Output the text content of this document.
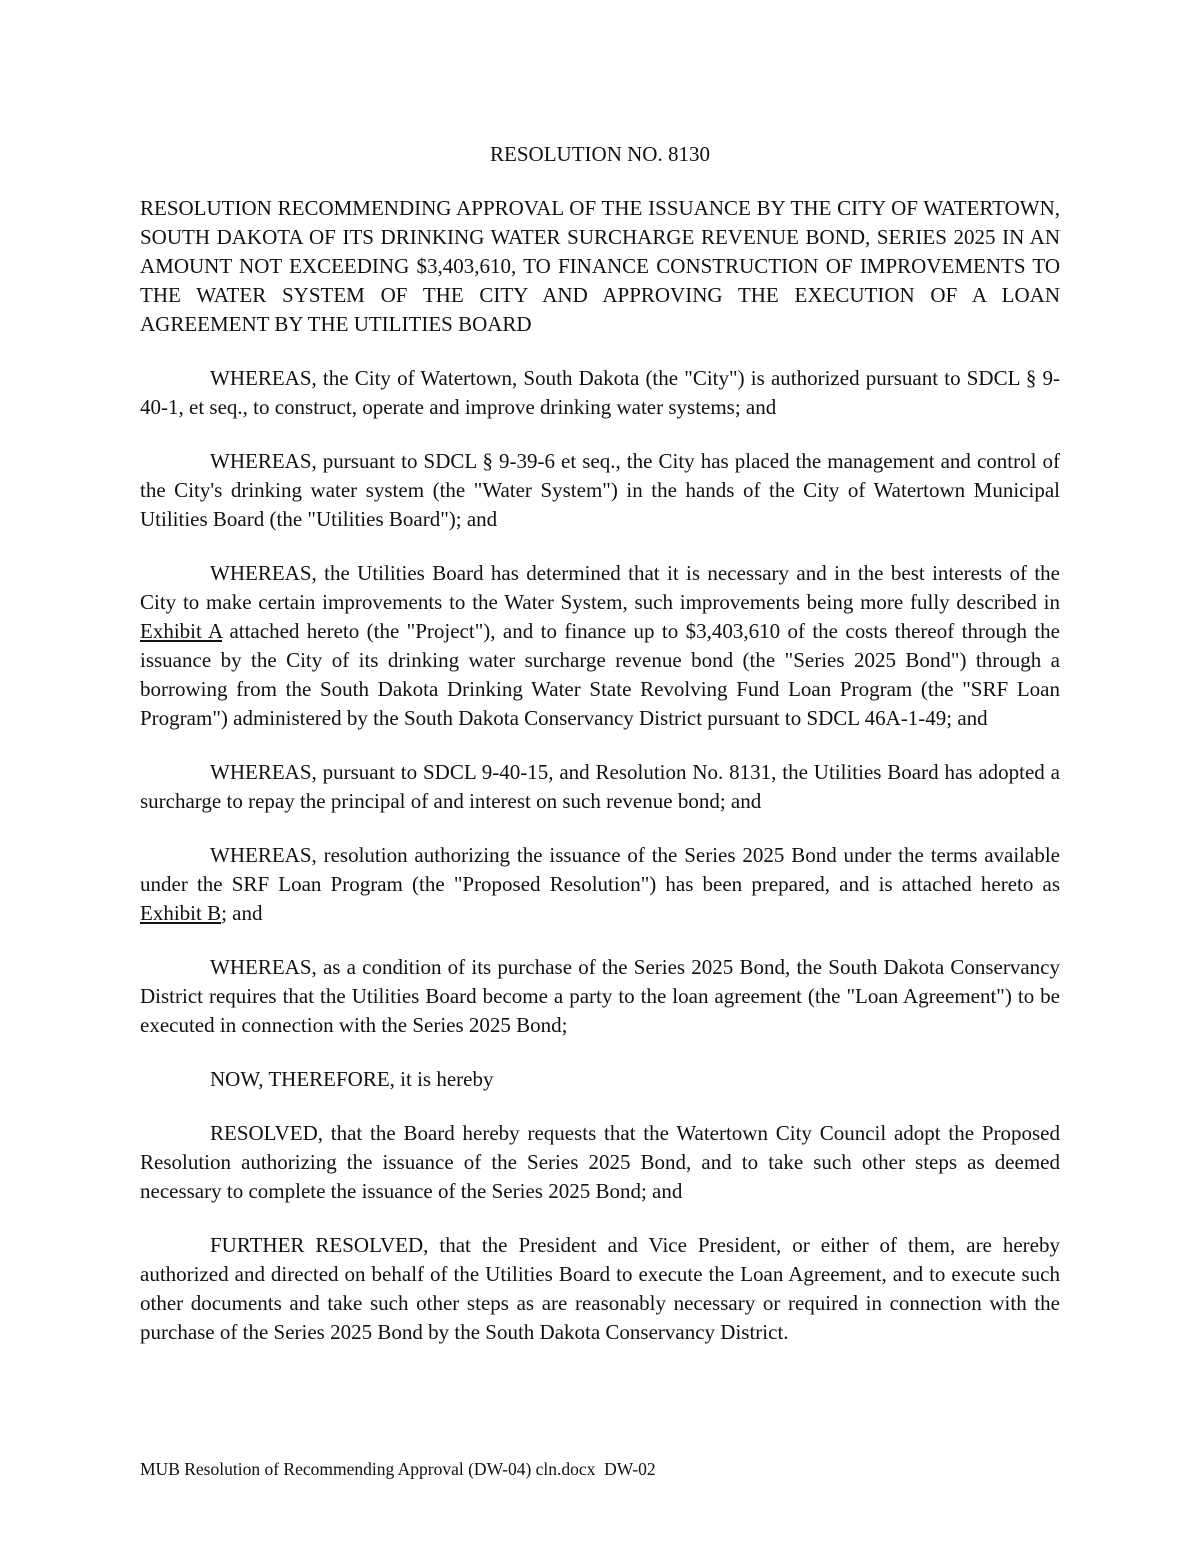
RESOLUTION NO. 8130

RESOLUTION RECOMMENDING APPROVAL OF THE ISSUANCE BY THE CITY OF WATERTOWN, SOUTH DAKOTA OF ITS DRINKING WATER SURCHARGE REVENUE BOND, SERIES 2025 IN AN AMOUNT NOT EXCEEDING $3,403,610, TO FINANCE CONSTRUCTION OF IMPROVEMENTS TO THE WATER SYSTEM OF THE CITY AND APPROVING THE EXECUTION OF A LOAN AGREEMENT BY THE UTILITIES BOARD

WHEREAS, the City of Watertown, South Dakota (the "City") is authorized pursuant to SDCL § 9-40-1, et seq., to construct, operate and improve drinking water systems; and

WHEREAS, pursuant to SDCL § 9-39-6 et seq., the City has placed the management and control of the City's drinking water system (the "Water System") in the hands of the City of Watertown Municipal Utilities Board (the "Utilities Board"); and

WHEREAS, the Utilities Board has determined that it is necessary and in the best interests of the City to make certain improvements to the Water System, such improvements being more fully described in Exhibit A attached hereto (the "Project"), and to finance up to $3,403,610 of the costs thereof through the issuance by the City of its drinking water surcharge revenue bond (the "Series 2025 Bond") through a borrowing from the South Dakota Drinking Water State Revolving Fund Loan Program (the "SRF Loan Program") administered by the South Dakota Conservancy District pursuant to SDCL 46A-1-49; and

WHEREAS, pursuant to SDCL 9-40-15, and Resolution No. 8131, the Utilities Board has adopted a surcharge to repay the principal of and interest on such revenue bond; and

WHEREAS, resolution authorizing the issuance of the Series 2025 Bond under the terms available under the SRF Loan Program (the "Proposed Resolution") has been prepared, and is attached hereto as Exhibit B; and

WHEREAS, as a condition of its purchase of the Series 2025 Bond, the South Dakota Conservancy District requires that the Utilities Board become a party to the loan agreement (the "Loan Agreement") to be executed in connection with the Series 2025 Bond;

NOW, THEREFORE, it is hereby

RESOLVED, that the Board hereby requests that the Watertown City Council adopt the Proposed Resolution authorizing the issuance of the Series 2025 Bond, and to take such other steps as deemed necessary to complete the issuance of the Series 2025 Bond; and

FURTHER RESOLVED, that the President and Vice President, or either of them, are hereby authorized and directed on behalf of the Utilities Board to execute the Loan Agreement, and to execute such other documents and take such other steps as are reasonably necessary or required in connection with the purchase of the Series 2025 Bond by the South Dakota Conservancy District.

MUB Resolution of Recommending Approval (DW-04) cln.docx  DW-02
